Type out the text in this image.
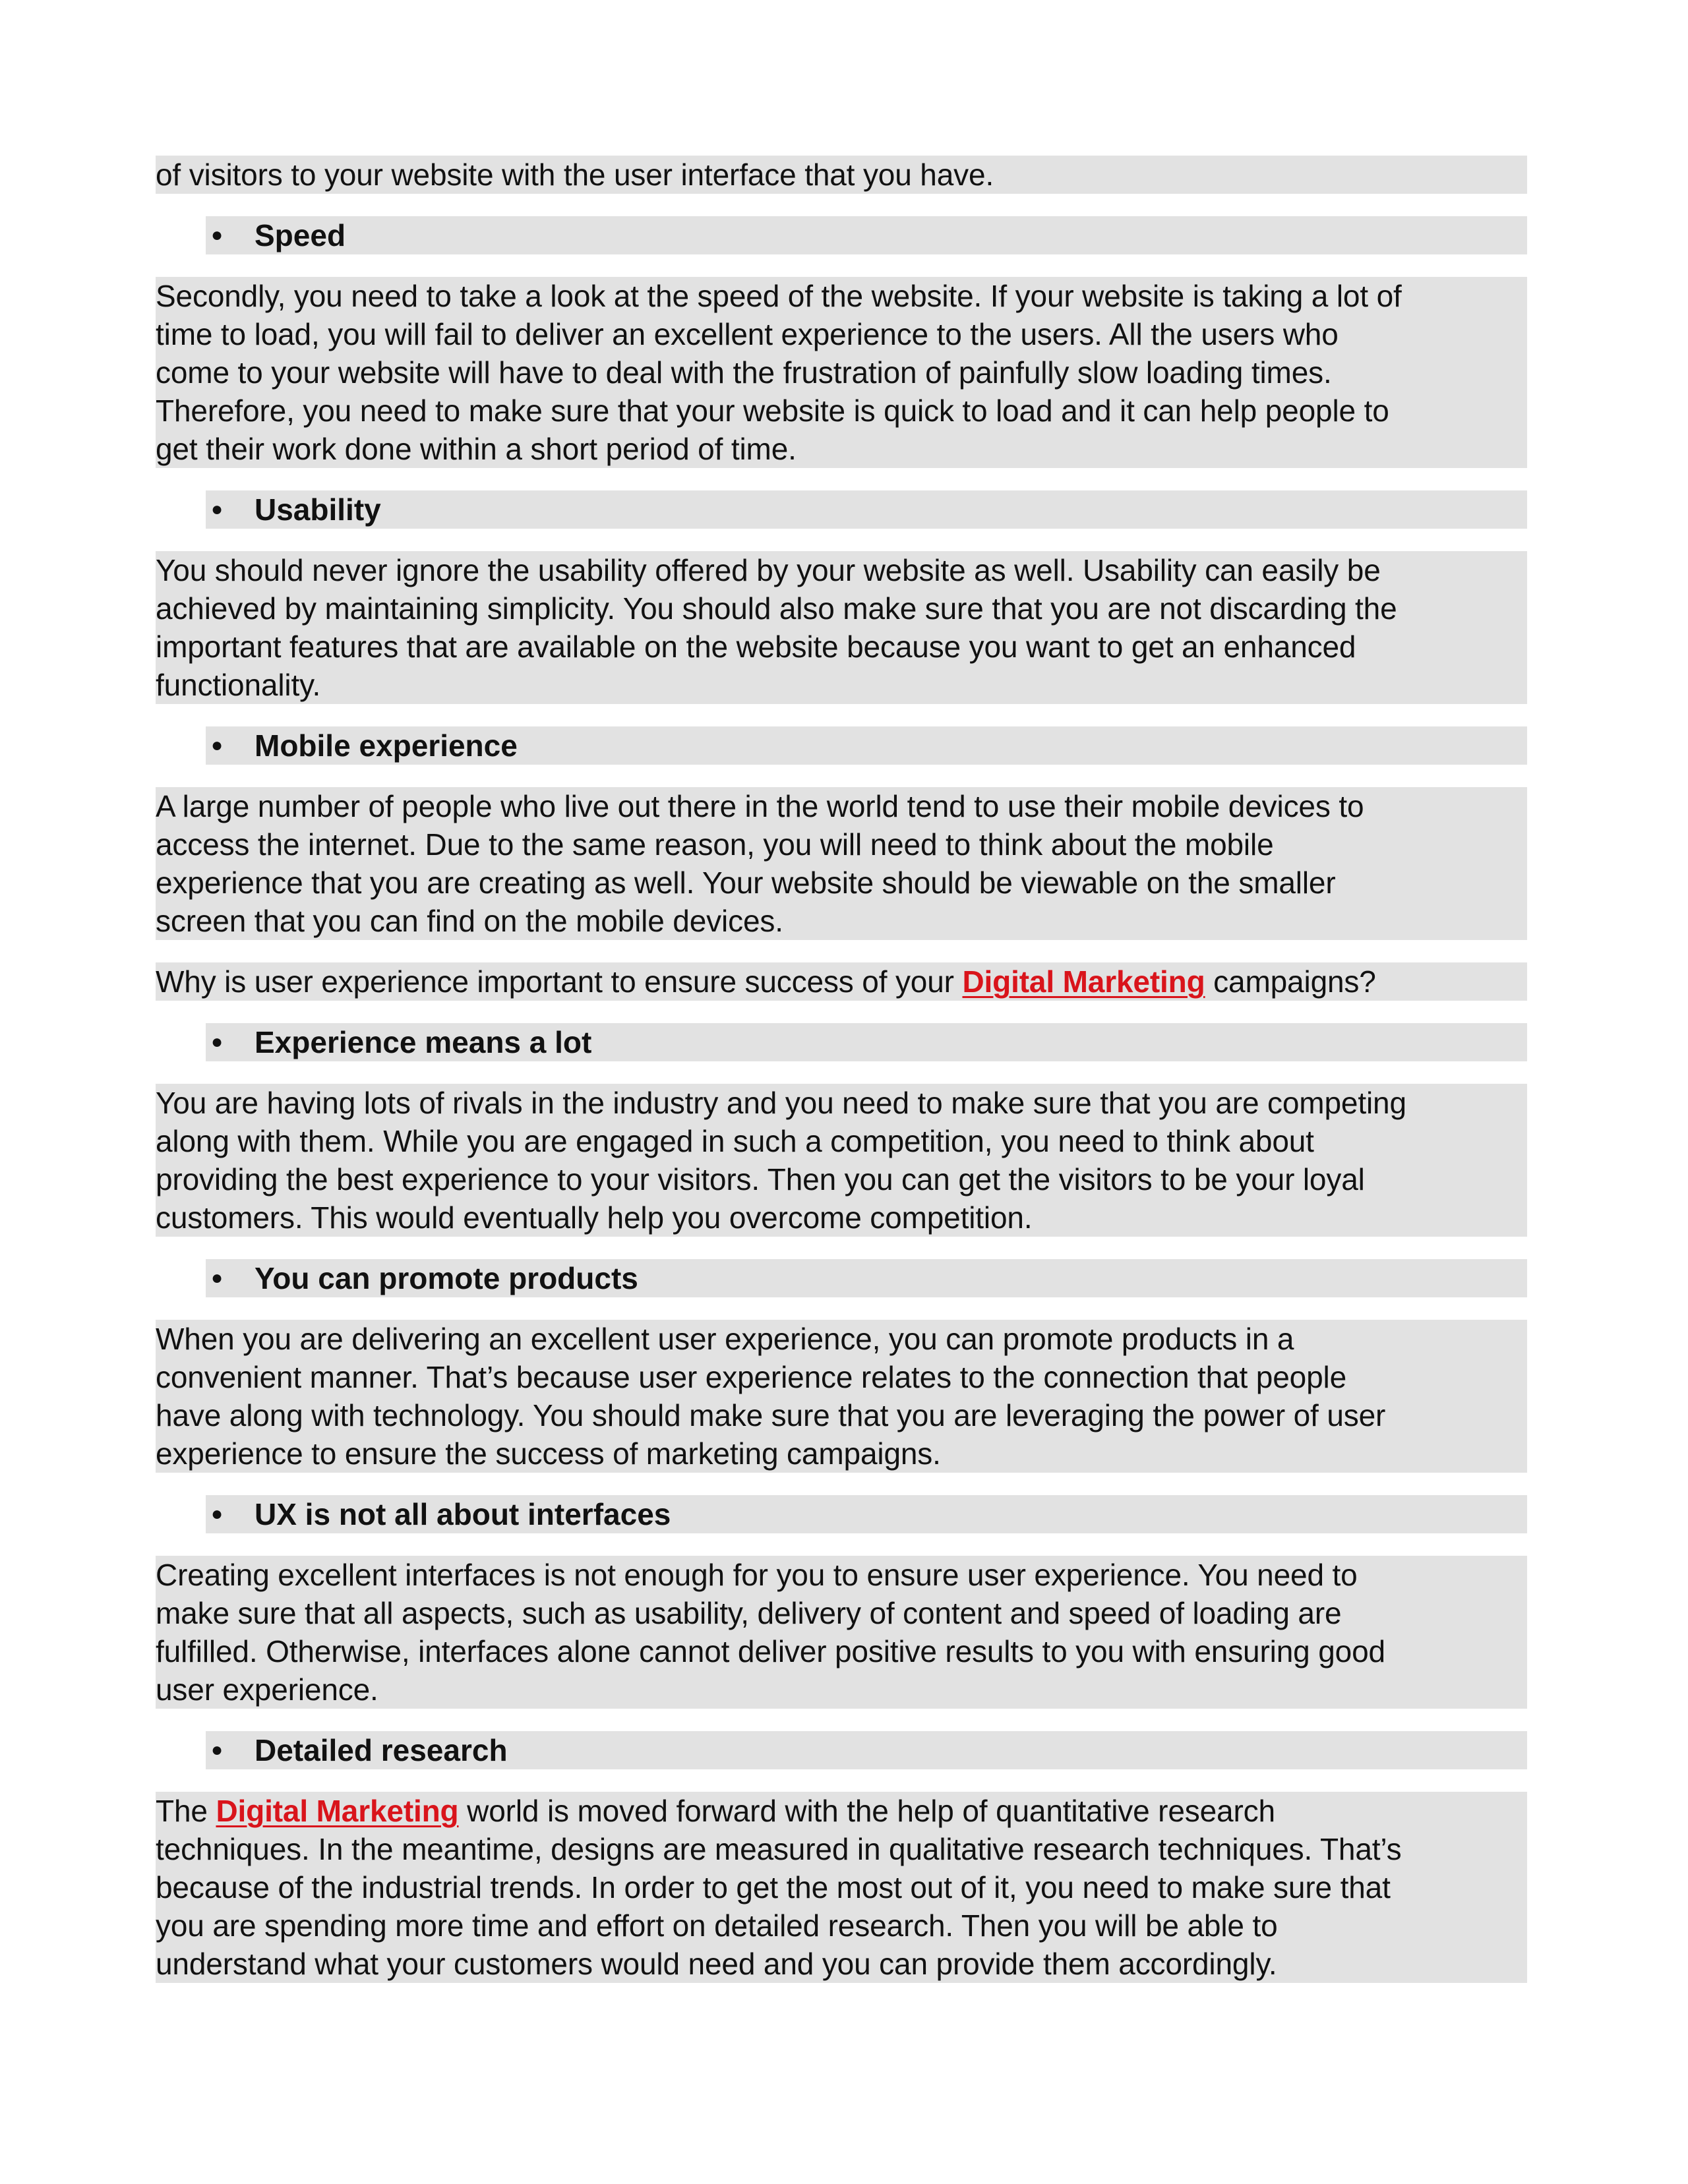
of visitors to your website with the user interface that you have.

● Speed

Secondly, you need to take a look at the speed of the website. If your website is taking a lot of
time to load, you will fail to deliver an excellent experience to the users. All the users who
come to your website will have to deal with the frustration of painfully slow loading times.
Therefore, you need to make sure that your website is quick to load and it can help people to
get their work done within a short period of time.

● Usability

You should never ignore the usability offered by your website as well. Usability can easily be
achieved by maintaining simplicity. You should also make sure that you are not discarding the
important features that are available on the website because you want to get an enhanced
functionality.

● Mobile experience

A large number of people who live out there in the world tend to use their mobile devices to
access the internet. Due to the same reason, you will need to think about the mobile
experience that you are creating as well. Your website should be viewable on the smaller
screen that you can find on the mobile devices.

Why is user experience important to ensure success of your Digital Marketing campaigns?

● Experience means a lot

You are having lots of rivals in the industry and you need to make sure that you are competing
along with them. While you are engaged in such a competition, you need to think about
providing the best experience to your visitors. Then you can get the visitors to be your loyal
customers. This would eventually help you overcome competition.

● You can promote products

When you are delivering an excellent user experience, you can promote products in a
convenient manner. That’s because user experience relates to the connection that people
have along with technology. You should make sure that you are leveraging the power of user
experience to ensure the success of marketing campaigns.

● UX is not all about interfaces

Creating excellent interfaces is not enough for you to ensure user experience. You need to
make sure that all aspects, such as usability, delivery of content and speed of loading are
fulfilled. Otherwise, interfaces alone cannot deliver positive results to you with ensuring good
user experience.

● Detailed research

The Digital Marketing world is moved forward with the help of quantitative research
techniques. In the meantime, designs are measured in qualitative research techniques. That’s
because of the industrial trends. In order to get the most out of it, you need to make sure that
you are spending more time and effort on detailed research. Then you will be able to
understand what your customers would need and you can provide them accordingly.
